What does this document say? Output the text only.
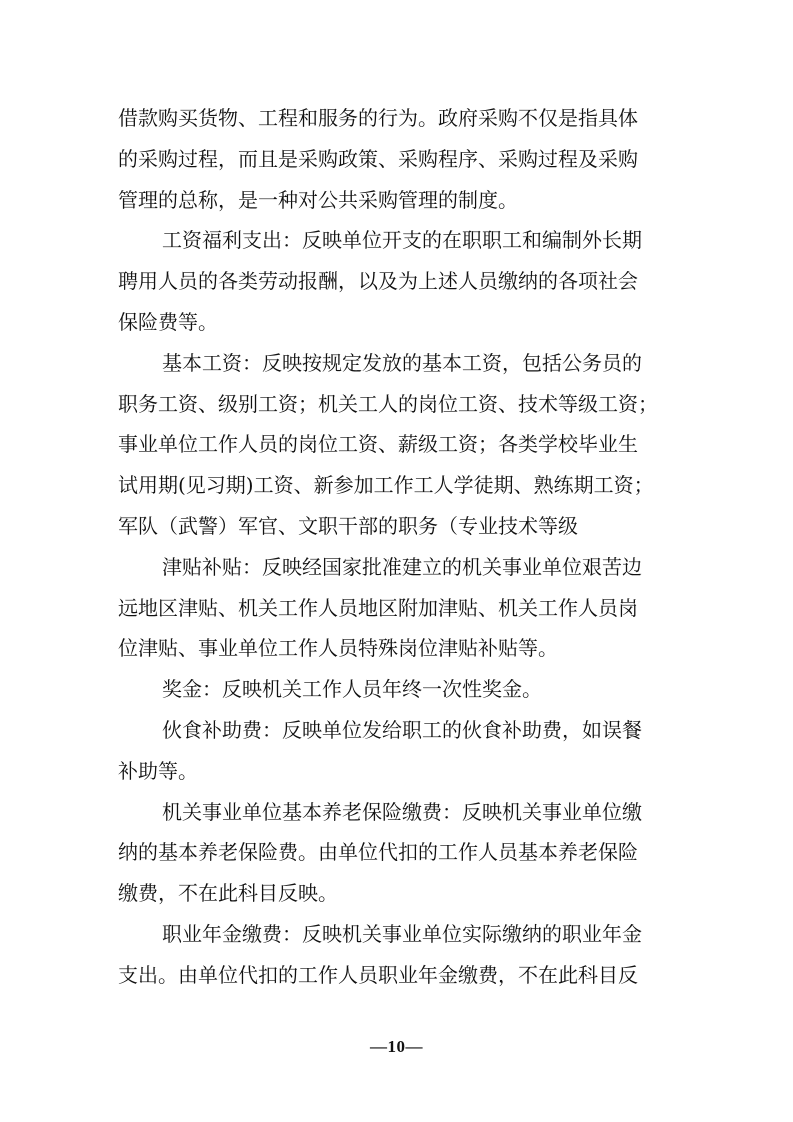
借款购买货物、工程和服务的行为。政府采购不仅是指具体
的采购过程，而且是采购政策、采购程序、采购过程及采购
管理的总称，是一种对公共采购管理的制度。
工资福利支出：反映单位开支的在职职工和编制外长期
聘用人员的各类劳动报酬，以及为上述人员缴纳的各项社会
保险费等。
基本工资：反映按规定发放的基本工资，包括公务员的
职务工资、级别工资；机关工人的岗位工资、技术等级工资；
事业单位工作人员的岗位工资、薪级工资；各类学校毕业生
试用期(见习期)工资、新参加工作工人学徒期、熟练期工资；
军队（武警）军官、文职干部的职务（专业技术等级
津贴补贴：反映经国家批准建立的机关事业单位艰苦边
远地区津贴、机关工作人员地区附加津贴、机关工作人员岗
位津贴、事业单位工作人员特殊岗位津贴补贴等。
奖金：反映机关工作人员年终一次性奖金。
伙食补助费：反映单位发给职工的伙食补助费，如误餐
补助等。
机关事业单位基本养老保险缴费：反映机关事业单位缴
纳的基本养老保险费。由单位代扣的工作人员基本养老保险
缴费，不在此科目反映。
职业年金缴费：反映机关事业单位实际缴纳的职业年金
支出。由单位代扣的工作人员职业年金缴费，不在此科目反
—10—
